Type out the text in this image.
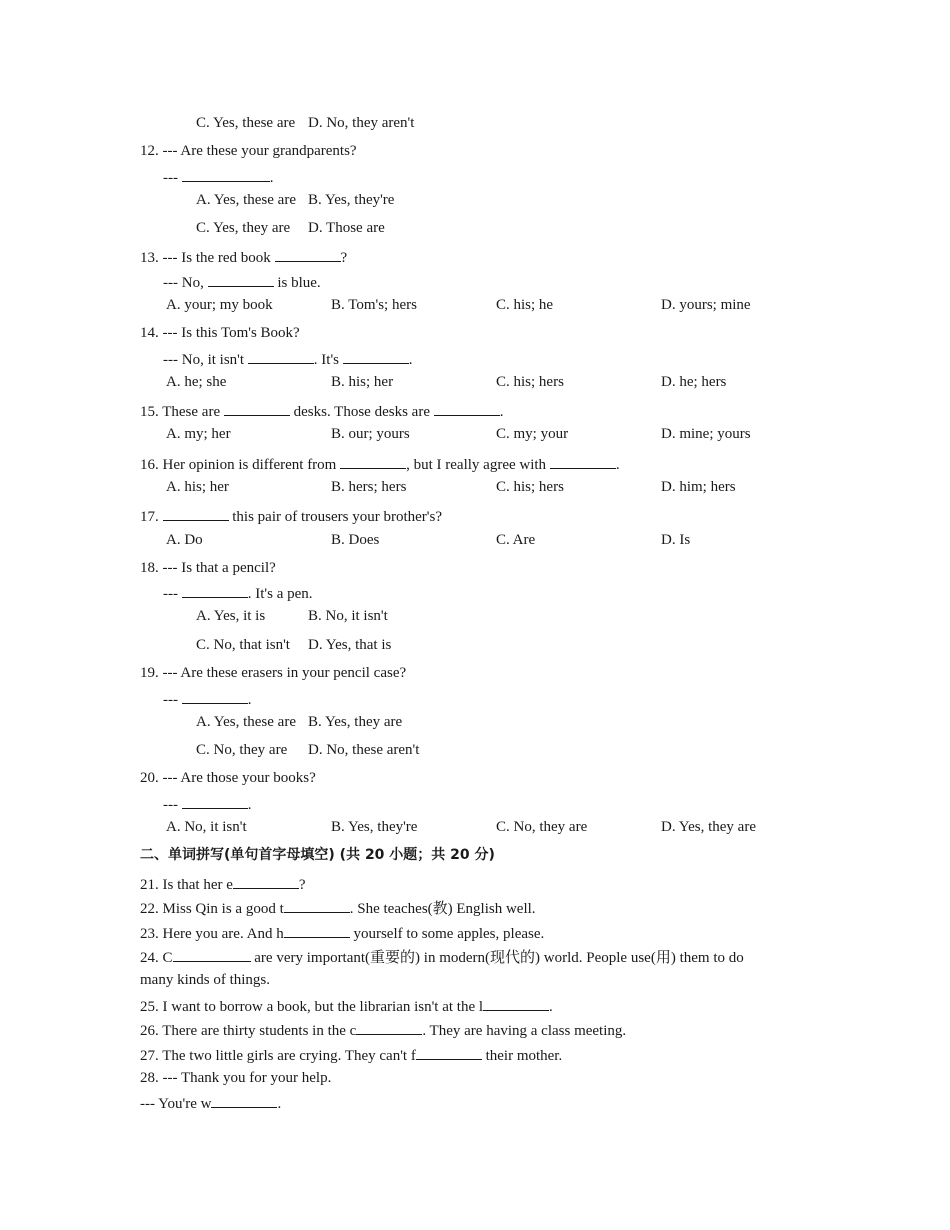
C. Yes, these are D. No, they aren't
12. --- Are these your grandparents?
---	.
A. Yes, these are B. Yes, they're
C. Yes, they are D. Those are
13. --- Is the red book	?
--- No,	is blue.
A. your; my book	B. Tom's; hers	C. his; he	D. yours; mine
14. --- Is this Tom's Book?
--- No, it isn't	. It's	.
A. he; she	B. his; her	C. his; hers	D. he; hers
15. These are	desks. Those desks are	.
A. my; her	B. our; yours	C. my; your	D. mine; yours
16. Her opinion is different from	, but I really agree with	.
A. his; her	B. hers; hers	C. his; hers	D. him; hers
17.	this pair of trousers your brother's?
A. Do	B. Does	C. Are	D. Is
18. --- Is that a pencil?
---	. It's a pen.
A. Yes, it is	B. No, it isn't
C. No, that isn't D. Yes, that is
19. --- Are these erasers in your pencil case?
---	.
A. Yes, these are B. Yes, they are
C. No, they are D. No, these aren't
20. --- Are those your books?
---	.
A. No, it isn't	B. Yes, they're	C. No, they are	D. Yes, they are
21. Is that her e	?
22. Miss Qin is a good t	. She teaches(教) English well.
23. Here you are. And h	yourself to some apples, please.
24. C	are very important(重要的) in modern(现代的) world. People use(用) them to do
many kinds of things.
25. I want to borrow a book, but the librarian isn't at the l	.
26. There are thirty students in the c	. They are having a class meeting.
27. The two little girls are crying. They can't f	their mother.
28. --- Thank you for your help.
--- You're w	.
二、单词拼写(单句首字母填空) (共 20 小题；共 20 分)
